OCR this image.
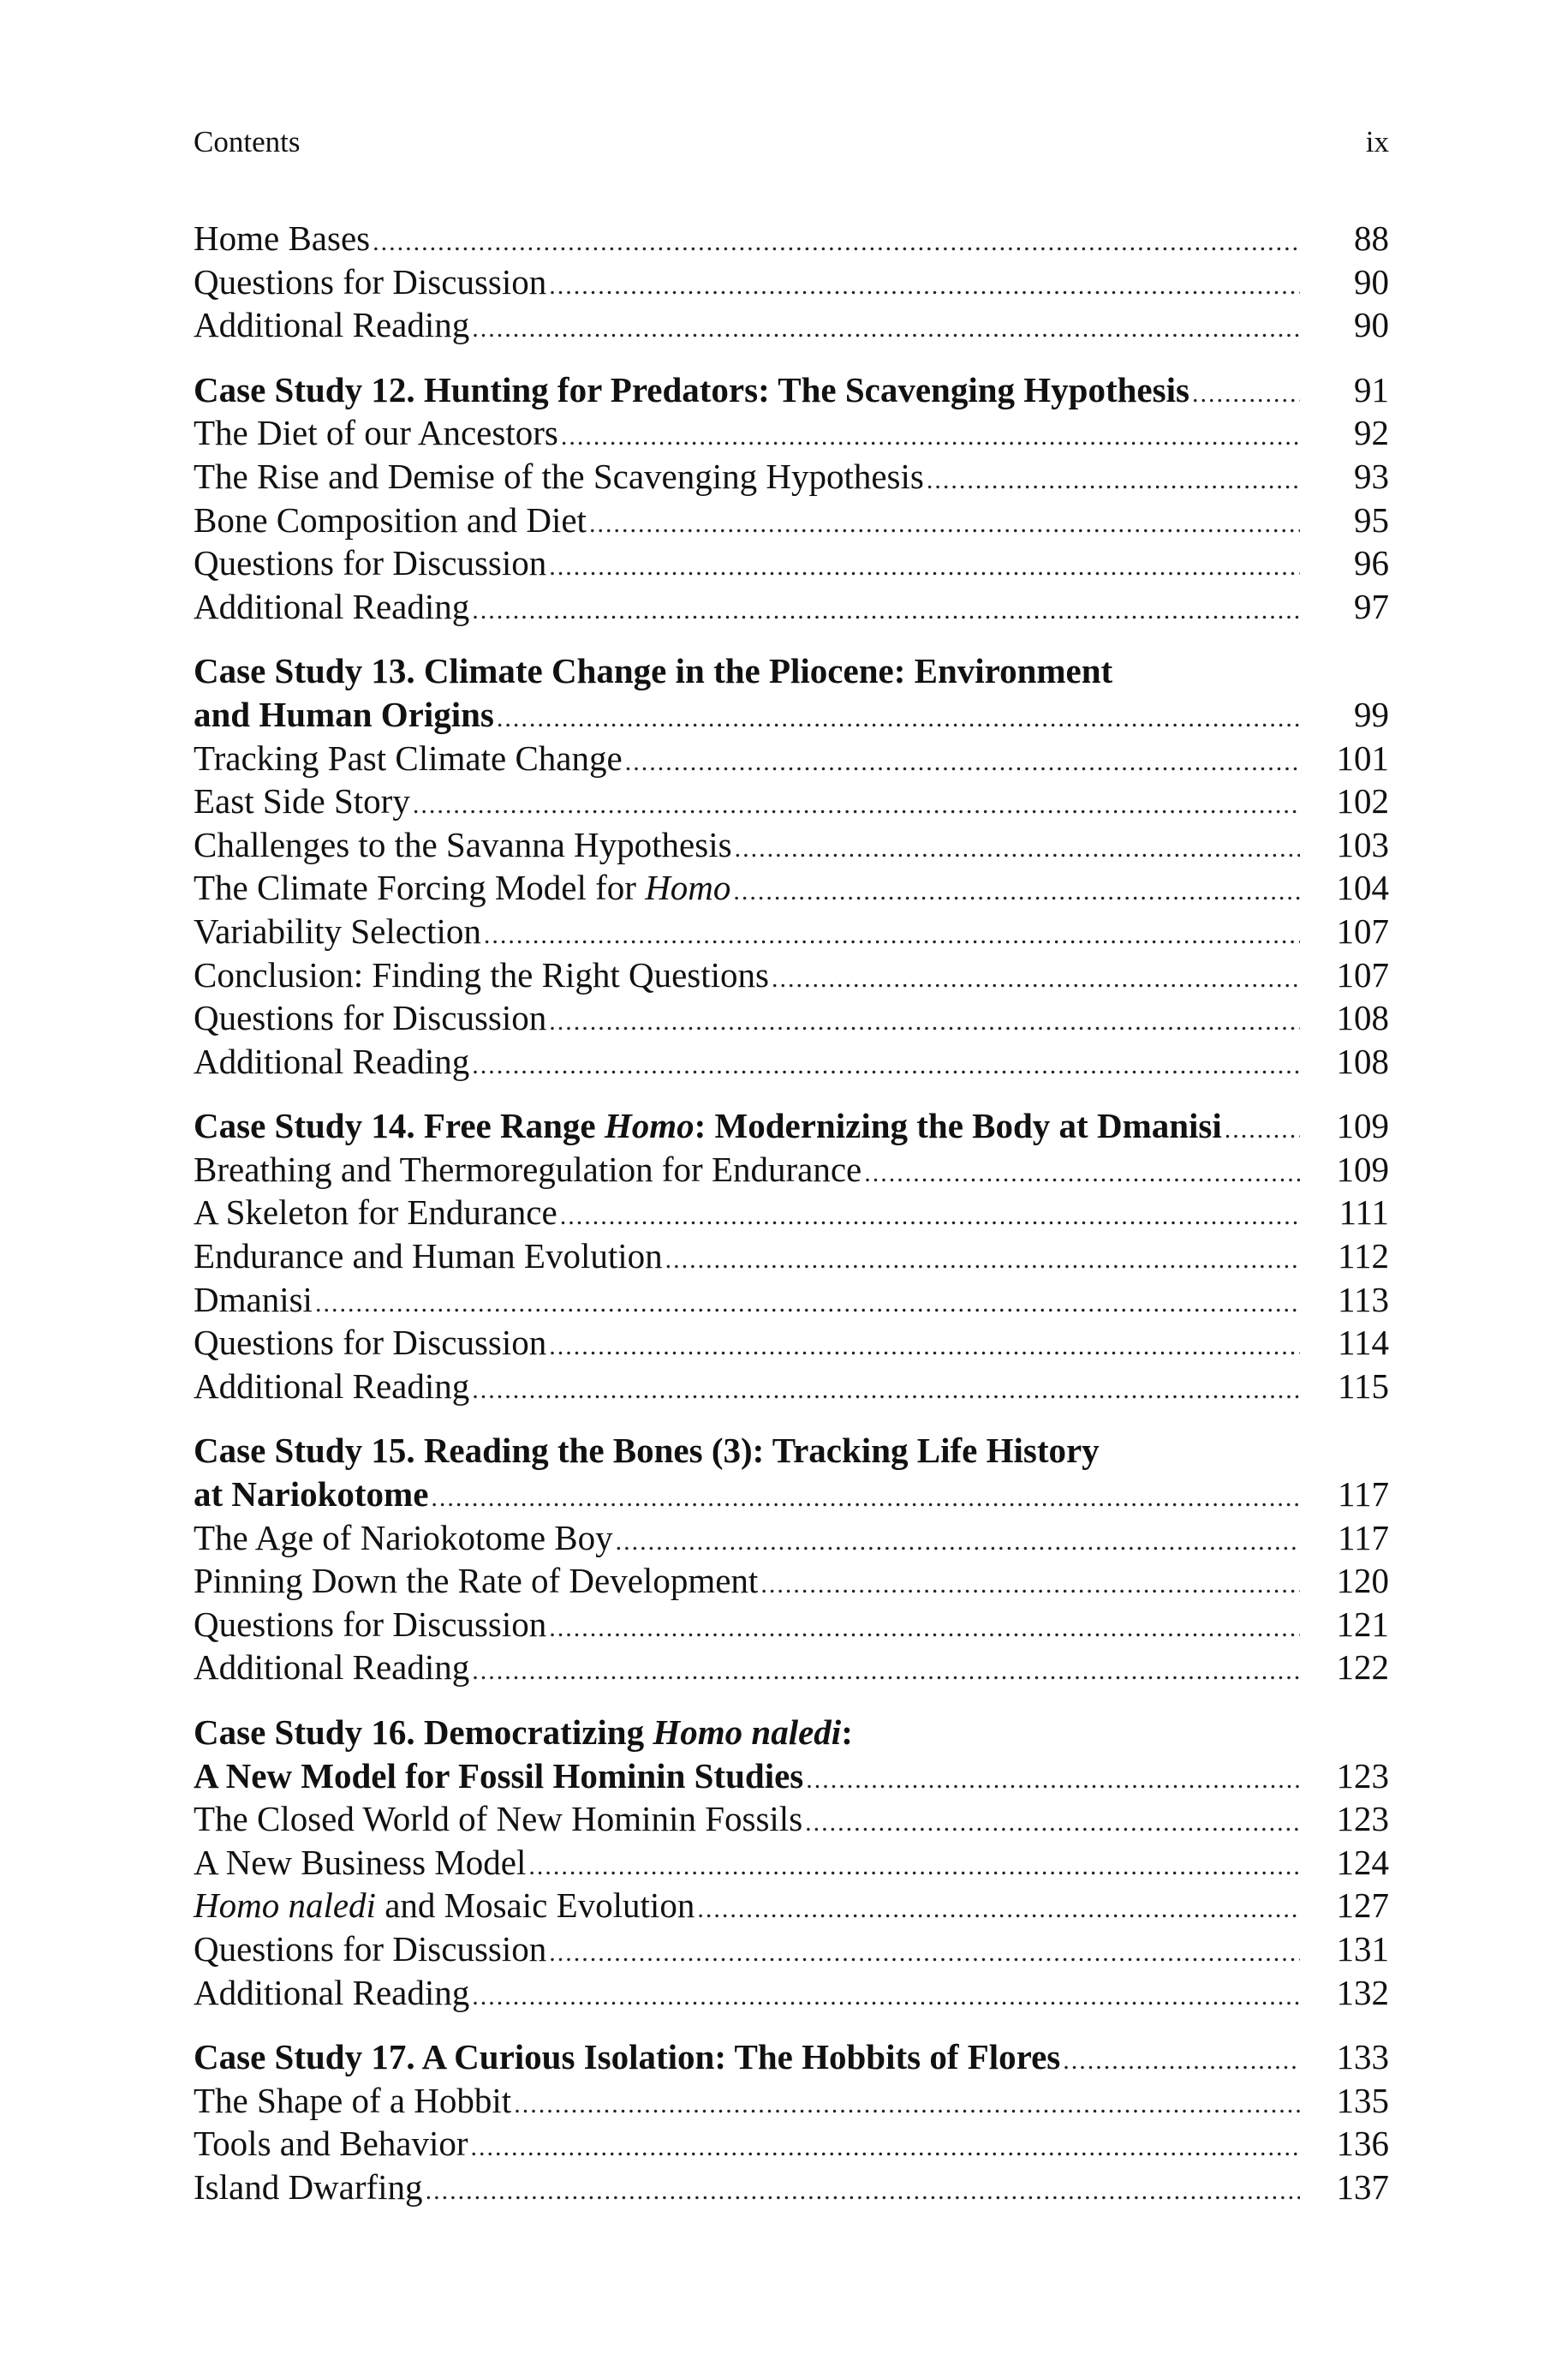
Contents	ix
Home Bases .....	88
Questions for Discussion .....	90
Additional Reading .....	90
Case Study 12. Hunting for Predators: The Scavenging Hypothesis .....	91
The Diet of our Ancestors .....	92
The Rise and Demise of the Scavenging Hypothesis .....	93
Bone Composition and Diet .....	95
Questions for Discussion .....	96
Additional Reading .....	97
Case Study 13. Climate Change in the Pliocene: Environment
and Human Origins .....	99
Tracking Past Climate Change .....	101
East Side Story .....	102
Challenges to the Savanna Hypothesis .....	103
The Climate Forcing Model for Homo .....	104
Variability Selection .....	107
Conclusion: Finding the Right Questions .....	107
Questions for Discussion .....	108
Additional Reading .....	108
Case Study 14. Free Range Homo: Modernizing the Body at Dmanisi .....	109
Breathing and Thermoregulation for Endurance .....	109
A Skeleton for Endurance .....	111
Endurance and Human Evolution .....	112
Dmanisi .....	113
Questions for Discussion .....	114
Additional Reading .....	115
Case Study 15. Reading the Bones (3): Tracking Life History
at Nariokotome .....	117
The Age of Nariokotome Boy .....	117
Pinning Down the Rate of Development .....	120
Questions for Discussion .....	121
Additional Reading .....	122
Case Study 16. Democratizing Homo naledi:
A New Model for Fossil Hominin Studies .....	123
The Closed World of New Hominin Fossils .....	123
A New Business Model .....	124
Homo naledi and Mosaic Evolution .....	127
Questions for Discussion .....	131
Additional Reading .....	132
Case Study 17. A Curious Isolation: The Hobbits of Flores .....	133
The Shape of a Hobbit .....	135
Tools and Behavior .....	136
Island Dwarfing .....	137
